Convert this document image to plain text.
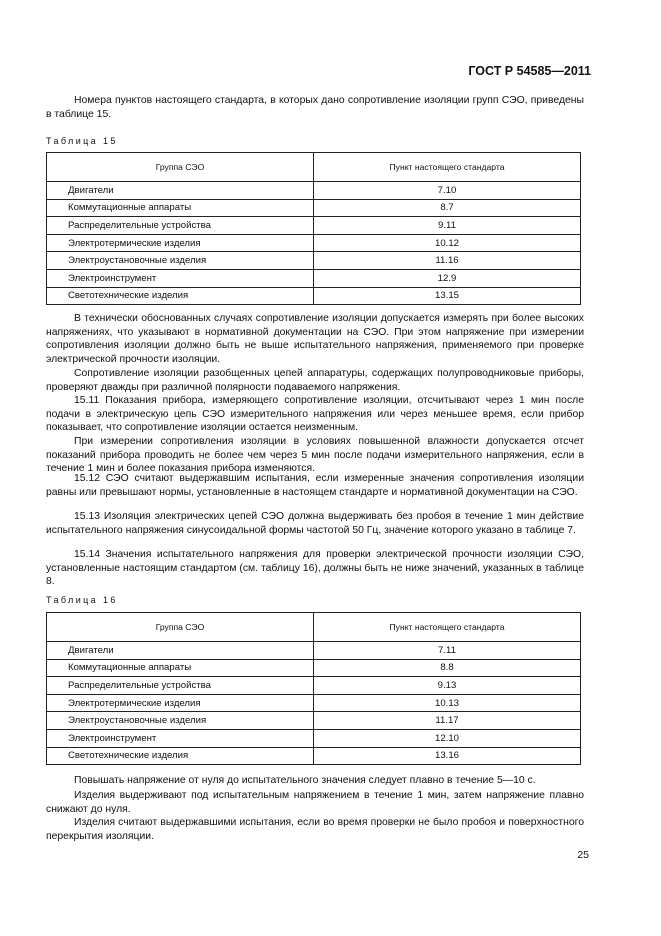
ГОСТ Р 54585—2011

Номера пунктов настоящего стандарта, в которых дано сопротивление изоляции групп СЭО, приведены в таблице 15.

Таблица 15
Группа СЭО	Пункт настоящего стандарта
Двигатели	7.10
Коммутационные аппараты	8.7
Распределительные устройства	9.11
Электротермические изделия	10.12
Электроустановочные изделия	11.16
Электроинструмент	12.9
Светотехнические изделия	13.15

В технически обоснованных случаях сопротивление изоляции допускается измерять при более высоких напряжениях, что указывают в нормативной документации на СЭО. При этом напряжение при измерении сопротивления изоляции должно быть не выше испытательного напряжения, применяемого при проверке электрической прочности изоляции.

Сопротивление изоляции разобщенных цепей аппаратуры, содержащих полупроводниковые приборы, проверяют дважды при различной полярности подаваемого напряжения.

15.11 Показания прибора, измеряющего сопротивление изоляции, отсчитывают через 1 мин после подачи в электрическую цепь СЭО измерительного напряжения или через меньшее время, если прибор показывает, что сопротивление изоляции остается неизменным.

При измерении сопротивления изоляции в условиях повышенной влажности допускается отсчет показаний прибора проводить не более чем через 5 мин после подачи измерительного напряжения, если в течение 1 мин и более показания прибора изменяются.

15.12 СЭО считают выдержавшим испытания, если измеренные значения сопротивления изоляции равны или превышают нормы, установленные в настоящем стандарте и нормативной документации на СЭО.

15.13 Изоляция электрических цепей СЭО должна выдерживать без пробоя в течение 1 мин действие испытательного напряжения синусоидальной формы частотой 50 Гц, значение которого указано в таблице 7.

15.14 Значения испытательного напряжения для проверки электрической прочности изоляции СЭО, установленные настоящим стандартом (см. таблицу 16), должны быть не ниже значений, указанных в таблице 8.

Таблица 16
Группа СЭО	Пункт настоящего стандарта
Двигатели	7.11
Коммутационные аппараты	8.8
Распределительные устройства	9.13
Электротермические изделия	10.13
Электроустановочные изделия	11.17
Электроинструмент	12.10
Светотехнические изделия	13.16

Повышать напряжение от нуля до испытательного значения следует плавно в течение 5—10 с.

Изделия выдерживают под испытательным напряжением в течение 1 мин, затем напряжение плавно снижают до нуля.

Изделия считают выдержавшими испытания, если во время проверки не было пробоя и поверхностного перекрытия изоляции.

25
